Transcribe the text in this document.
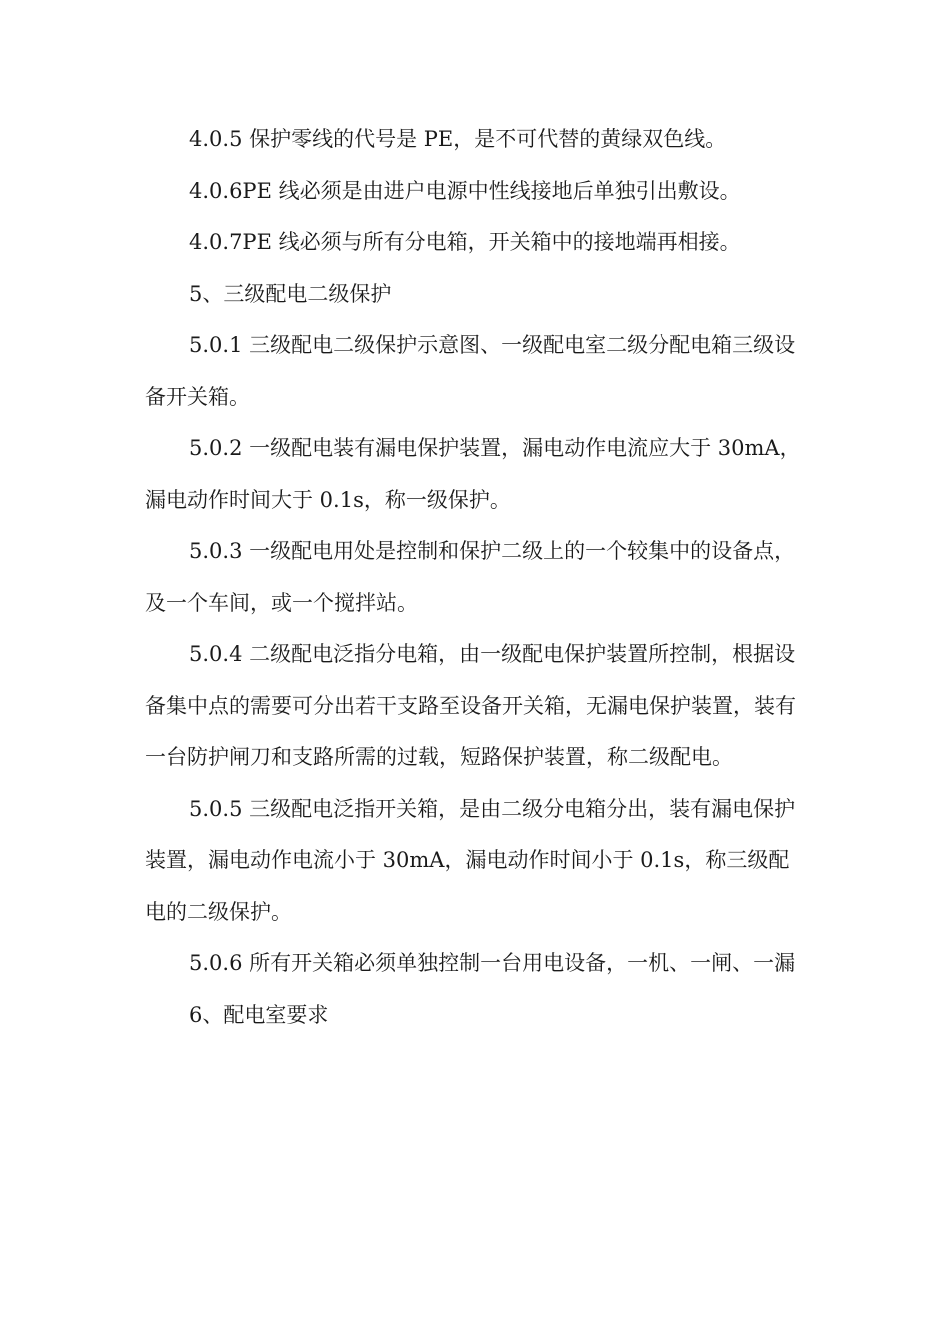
4.0.5 保护零线的代号是 PE，是不可代替的黄绿双色线。

4.0.6PE 线必须是由进户电源中性线接地后单独引出敷设。

4.0.7PE 线必须与所有分电箱，开关箱中的接地端再相接。

5、三级配电二级保护

5.0.1 三级配电二级保护示意图、一级配电室二级分配电箱三级设备开关箱。

5.0.2 一级配电装有漏电保护装置，漏电动作电流应大于 30mA，漏电动作时间大于 0.1s，称一级保护。

5.0.3 一级配电用处是控制和保护二级上的一个较集中的设备点，及一个车间，或一个搅拌站。

5.0.4 二级配电泛指分电箱，由一级配电保护装置所控制，根据设备集中点的需要可分出若干支路至设备开关箱，无漏电保护装置，装有一台防护闸刀和支路所需的过载，短路保护装置，称二级配电。

5.0.5 三级配电泛指开关箱，是由二级分电箱分出，装有漏电保护装置，漏电动作电流小于 30mA，漏电动作时间小于 0.1s，称三级配电的二级保护。

5.0.6 所有开关箱必须单独控制一台用电设备，一机、一闸、一漏

6、配电室要求
